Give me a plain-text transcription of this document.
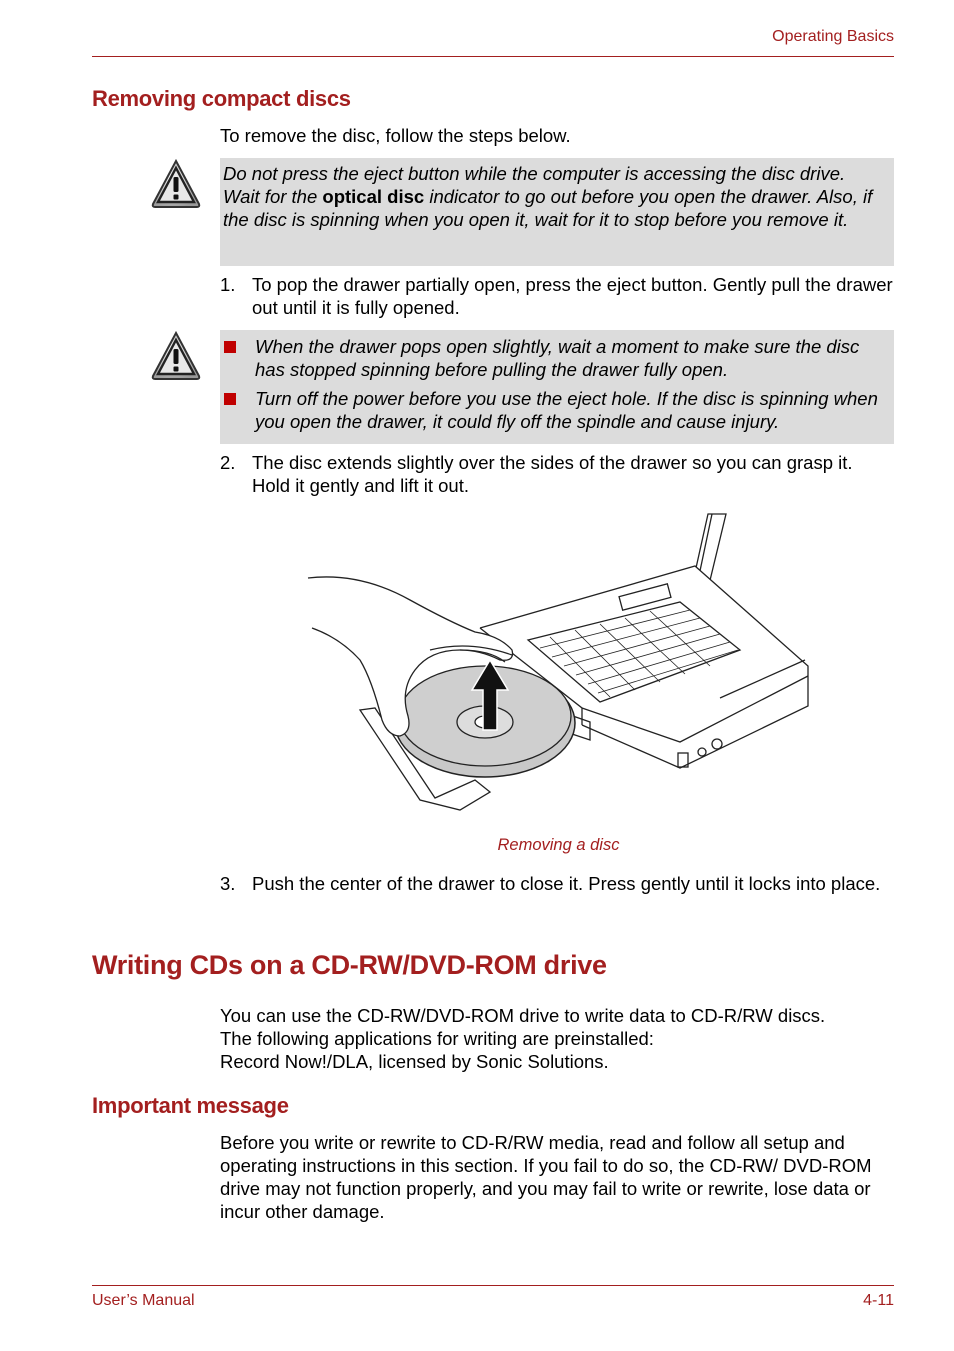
Operating Basics
Removing compact discs
To remove the disc, follow the steps below.
Do not press the eject button while the computer is accessing the disc drive. Wait for the optical disc indicator to go out before you open the drawer. Also, if the disc is spinning when you open it, wait for it to stop before you remove it.
1. To pop the drawer partially open, press the eject button. Gently pull the drawer out until it is fully opened.
When the drawer pops open slightly, wait a moment to make sure the disc has stopped spinning before pulling the drawer fully open.
Turn off the power before you use the eject hole. If the disc is spinning when you open the drawer, it could fly off the spindle and cause injury.
2. The disc extends slightly over the sides of the drawer so you can grasp it. Hold it gently and lift it out.
Removing a disc
3. Push the center of the drawer to close it. Press gently until it locks into place.
Writing CDs on a CD-RW/DVD-ROM drive
You can use the CD-RW/DVD-ROM drive to write data to CD-R/RW discs.
The following applications for writing are preinstalled:
Record Now!/DLA, licensed by Sonic Solutions.
Important message
Before you write or rewrite to CD-R/RW media, read and follow all setup and operating instructions in this section. If you fail to do so, the CD-RW/ DVD-ROM drive may not function properly, and you may fail to write or rewrite, lose data or incur other damage.
User’s Manual	4-11
